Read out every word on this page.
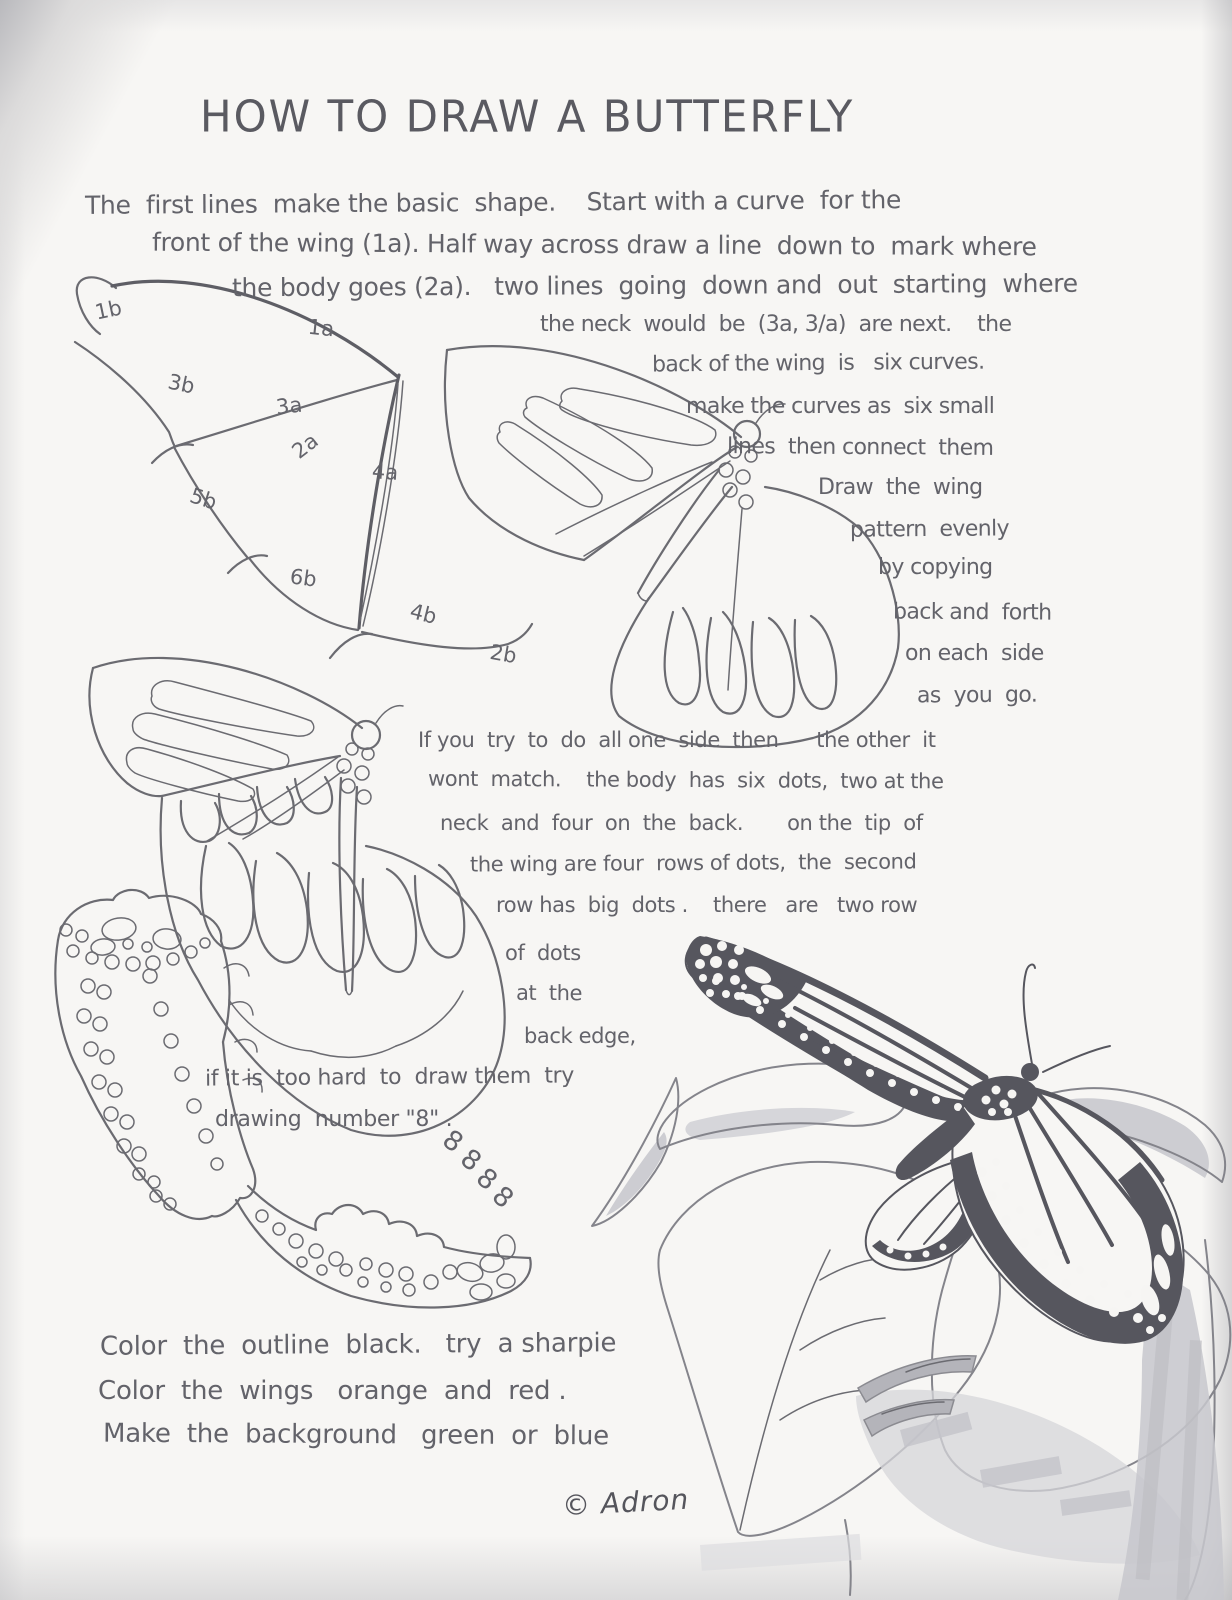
HOW TO DRAW A BUTTERFLY
The  first lines  make the basic  shape.    Start with a curve  for the
front of the wing (1a). Half way across draw a line  down to  mark where
the body goes (2a).   two lines  going  down and  out  starting  where
the neck  would  be  (3a, 3/a)  are next.    the
back of the wing  is   six curves.
make the curves as  six small
lines  then connect  them
Draw  the  wing
pattern  evenly
by copying
back and  forth
on each  side
as  you  go.
If you  try  to  do  all one  side  then      the other  it
wont  match.    the body  has  six  dots,  two at the
neck  and  four  on  the  back.       on the  tip  of
the wing are four  rows of dots,  the  second
row has  big  dots .    there   are   two row
of  dots
at  the
back edge,
if it is  too hard  to  draw them  try
drawing  number "8" .
8
8
8
8
Color  the  outline  black.   try  a sharpie
Color  the  wings   orange  and  red .
Make  the  background   green  or  blue
© Adron
1b
1a
3b
3a
2a
4a
5b
6b
4b
2b
